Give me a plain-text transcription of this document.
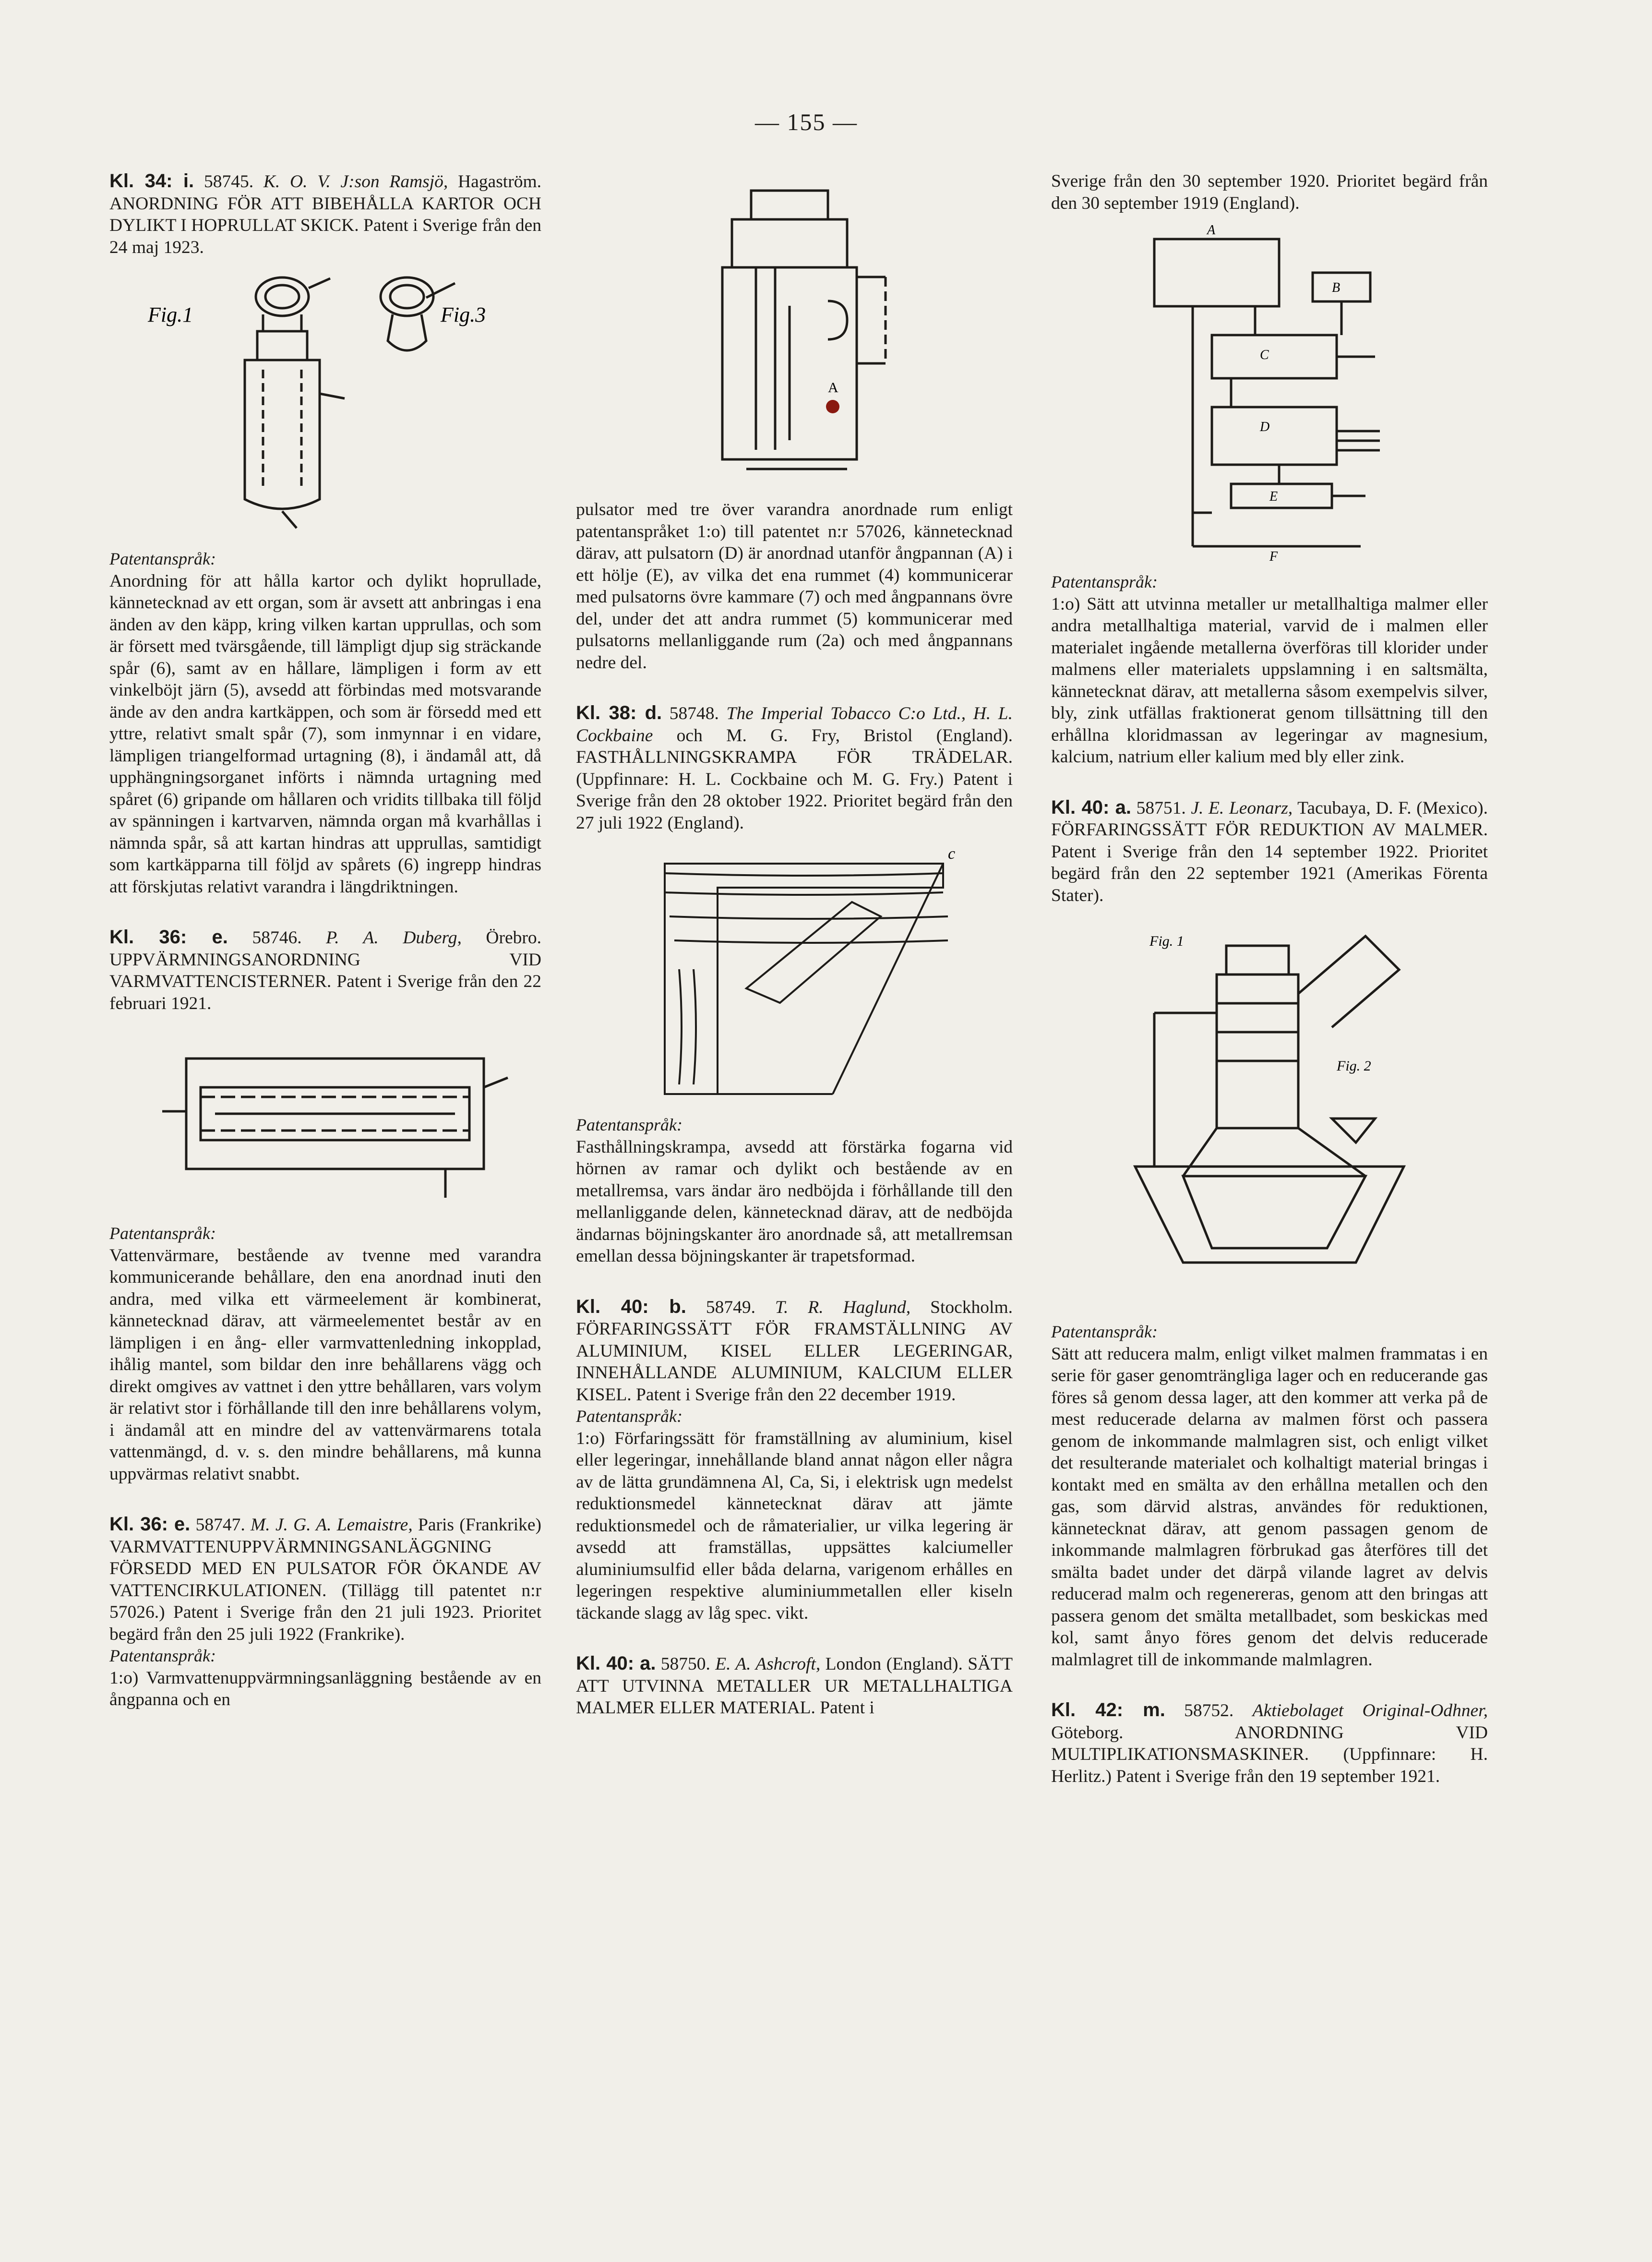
— 155 —

Kl. 34: i. 58745. K. O. V. J:son Ramsjö, Hagaström. ANORDNING FÖR ATT BIBEHÅLLA KARTOR OCH DYLIKT I HOPRULLAT SKICK. Patent i Sverige från den 24 maj 1923.

Fig.1	Fig.3

Patentanspråk:

Anordning för att hålla kartor och dylikt hoprullade, kännetecknad av ett organ, som är avsett att anbringas i ena änden av den käpp, kring vilken kartan upprullas, och som är försett med tvärsgående, till lämpligt djup sig sträckande spår (6), samt av en hållare, lämpligen i form av ett vinkelböjt järn (5), avsedd att förbindas med motsvarande ände av den andra kartkäppen, och som är försedd med ett yttre, relativt smalt spår (7), som inmynnar i en vidare, lämpligen triangelformad urtagning (8), i ändamål att, då upphängningsorganet införts i nämnda urtagning med spåret (6) gripande om hållaren och vridits tillbaka till följd av spänningen i kartvarven, nämnda organ må kvarhållas i nämnda spår, så att kartan hindras att upprullas, samtidigt som kartkäpparna till följd av spårets (6) ingrepp hindras att förskjutas relativt varandra i längdriktningen.

Kl. 36: e. 58746. P. A. Duberg, Örebro. UPPVÄRMNINGSANORDNING VID VARMVATTENCISTERNER. Patent i Sverige från den 22 februari 1921.

Patentanspråk:

Vattenvärmare, bestående av tvenne med varandra kommunicerande behållare, den ena anordnad inuti den andra, med vilka ett värmeelement är kombinerat, kännetecknad därav, att värmeelementet består av en lämpligen i en ång- eller varmvattenledning inkopplad, ihålig mantel, som bildar den inre behållarens vägg och direkt omgives av vattnet i den yttre behållaren, vars volym är relativt stor i förhållande till den inre behållarens volym, i ändamål att en mindre del av vattenvärmarens totala vattenmängd, d. v. s. den mindre behållarens, må kunna uppvärmas relativt snabbt.

Kl. 36: e. 58747. M. J. G. A. Lemaistre, Paris (Frankrike) VARMVATTENUPPVÄRMNINGSANLÄGGNING FÖRSEDD MED EN PULSATOR FÖR ÖKANDE AV VATTENCIRKULATIONEN. (Tillägg till patentet n:r 57026.) Patent i Sverige från den 21 juli 1923. Prioritet begärd från den 25 juli 1922 (Frankrike).

Patentanspråk:

1:o) Varmvattenuppvärmningsanläggning bestående av en ångpanna och en

A

pulsator med tre över varandra anordnade rum enligt patentanspråket 1:o) till patentet n:r 57026, kännetecknad därav, att pulsatorn (D) är anordnad utanför ångpannan (A) i ett hölje (E), av vilka det ena rummet (4) kommunicerar med pulsatorns övre kammare (7) och med ångpannans övre del, under det att andra rummet (5) kommunicerar med pulsatorns mellanliggande rum (2a) och med ångpannans nedre del.

Kl. 38: d. 58748. The Imperial Tobacco C:o Ltd., H. L. Cockbaine och M. G. Fry, Bristol (England). FASTHÅLLNINGSKRAMPA FÖR TRÄDELAR. (Uppfinnare: H. L. Cockbaine och M. G. Fry.) Patent i Sverige från den 28 oktober 1922. Prioritet begärd från den 27 juli 1922 (England).

c

Patentanspråk:

Fasthållningskrampa, avsedd att förstärka fogarna vid hörnen av ramar och dylikt och bestående av en metallremsa, vars ändar äro nedböjda i förhållande till den mellanliggande delen, kännetecknad därav, att de nedböjda ändarnas böjningskanter äro anordnade så, att metallremsan emellan dessa böjningskanter är trapetsformad.

Kl. 40: b. 58749. T. R. Haglund, Stockholm. FÖRFARINGSSÄTT FÖR FRAMSTÄLLNING AV ALUMINIUM, KISEL ELLER LEGERINGAR, INNEHÅLLANDE ALUMINIUM, KALCIUM ELLER KISEL. Patent i Sverige från den 22 december 1919.

Patentanspråk:

1:o) Förfaringssätt för framställning av aluminium, kisel eller legeringar, innehållande bland annat någon eller några av de lätta grundämnena Al, Ca, Si, i elektrisk ugn medelst reduktionsmedel kännetecknat därav att jämte reduktionsmedel och de råmaterialier, ur vilka legering är avsedd att framställas, uppsättes kalciumeller aluminiumsulfid eller båda delarna, varigenom erhålles en legeringen respektive aluminiummetallen eller kiseln täckande slagg av låg spec. vikt.

Kl. 40: a. 58750. E. A. Ashcroft, London (England). SÄTT ATT UTVINNA METALLER UR METALLHALTIGA MALMER ELLER MATERIAL. Patent i

Sverige från den 30 september 1920. Prioritet begärd från den 30 september 1919 (England).

A
B
C
D
E
F

Patentanspråk:

1:o) Sätt att utvinna metaller ur metallhaltiga malmer eller andra metallhaltiga material, varvid de i malmen eller materialet ingående metallerna överföras till klorider under malmens eller materialets uppslamning i en saltsmälta, kännetecknat därav, att metallerna såsom exempelvis silver, bly, zink utfällas fraktionerat genom tillsättning till den erhållna kloridmassan av legeringar av magnesium, kalcium, natrium eller kalium med bly eller zink.

Kl. 40: a. 58751. J. E. Leonarz, Tacubaya, D. F. (Mexico). FÖRFARINGSSÄTT FÖR REDUKTION AV MALMER. Patent i Sverige från den 14 september 1922. Prioritet begärd från den 22 september 1921 (Amerikas Förenta Stater).

Fig. 1
Fig. 2

Patentanspråk:

Sätt att reducera malm, enligt vilket malmen frammatas i en serie för gaser genomträngliga lager och en reducerande gas föres så genom dessa lager, att den kommer att verka på de mest reducerade delarna av malmen först och passera genom de inkommande malmlagren sist, och enligt vilket det resulterande materialet och kolhaltigt material bringas i kontakt med en smälta av den erhållna metallen och den gas, som därvid alstras, användes för reduktionen, kännetecknat därav, att genom passagen genom de inkommande malmlagren förbrukad gas återföres till det smälta badet under det därpå vilande lagret av delvis reducerad malm och regenereras, genom att den bringas att passera genom det smälta metallbadet, som beskickas med kol, samt ånyo föres genom det delvis reducerade malmlagret till de inkommande malmlagren.

Kl. 42: m. 58752. Aktiebolaget Original-Odhner, Göteborg. ANORDNING VID MULTIPLIKATIONSMASKINER. (Uppfinnare: H. Herlitz.) Patent i Sverige från den 19 september 1921.
